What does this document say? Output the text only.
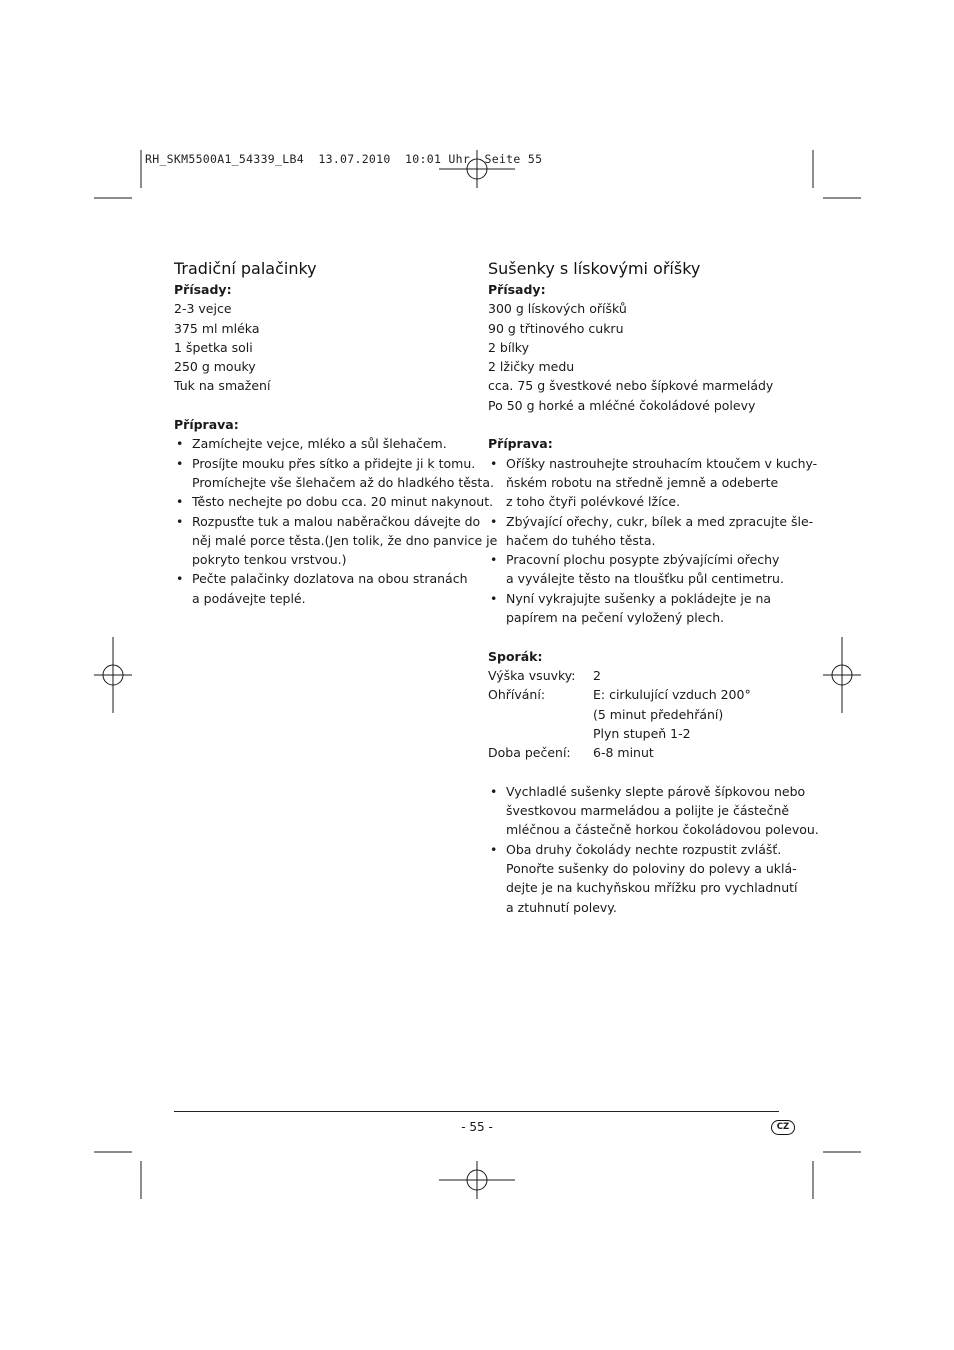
RH_SKM5500A1_54339_LB4  13.07.2010  10:01 Uhr  Seite 55
Tradiční palačinky
Přísady:
2-3 vejce
375 ml mléka
1 špetka soli
250 g mouky
Tuk na smažení
Příprava:
• Zamíchejte vejce, mléko a sůl šlehačem.
• Prosíjte mouku přes sítko a přidejte ji k tomu.
Promíchejte vše šlehačem až do hladkého těsta.
• Těsto nechejte po dobu cca. 20 minut nakynout.
• Rozpusťte tuk a malou naběračkou dávejte do
něj malé porce těsta.(Jen tolik, že dno panvice je
pokryto tenkou vrstvou.)
• Pečte palačinky dozlatova na obou stranách
a podávejte teplé.
Sušenky s lískovými oříšky
Přísady:
300 g lískových oříšků
90 g třtinového cukru
2 bílky
2 lžičky medu
cca. 75 g švestkové nebo šípkové marmelády
Po 50 g horké a mléčné čokoládové polevy
Příprava:
• Oříšky nastrouhejte strouhacím ktoučem v kuchy-
ňském robotu na středně jemně a odeberte
z toho čtyři polévkové lžíce.
• Zbývající ořechy, cukr, bílek a med zpracujte šle-
hačem do tuhého těsta.
• Pracovní plochu posypte zbývajícími ořechy
a vyválejte těsto na tloušťku půl centimetru.
• Nyní vykrajujte sušenky a pokládejte je na
papírem na pečení vyložený plech.
Sporák:
Výška vsuvky:	2
Ohřívání:	E: cirkulující vzduch 200°
(5 minut předehřání)
Plyn stupeň 1-2
Doba pečení:	6-8 minut
• Vychladlé sušenky slepte párově šípkovou nebo
švestkovou marmeládou a polijte je částečně
mléčnou a částečně horkou čokoládovou polevou.
• Oba druhy čokolády nechte rozpustit zvlášť.
Ponořte sušenky do poloviny do polevy a uklá-
dejte je na kuchyňskou mřížku pro vychladnutí
a ztuhnutí polevy.
- 55 -	CZ
